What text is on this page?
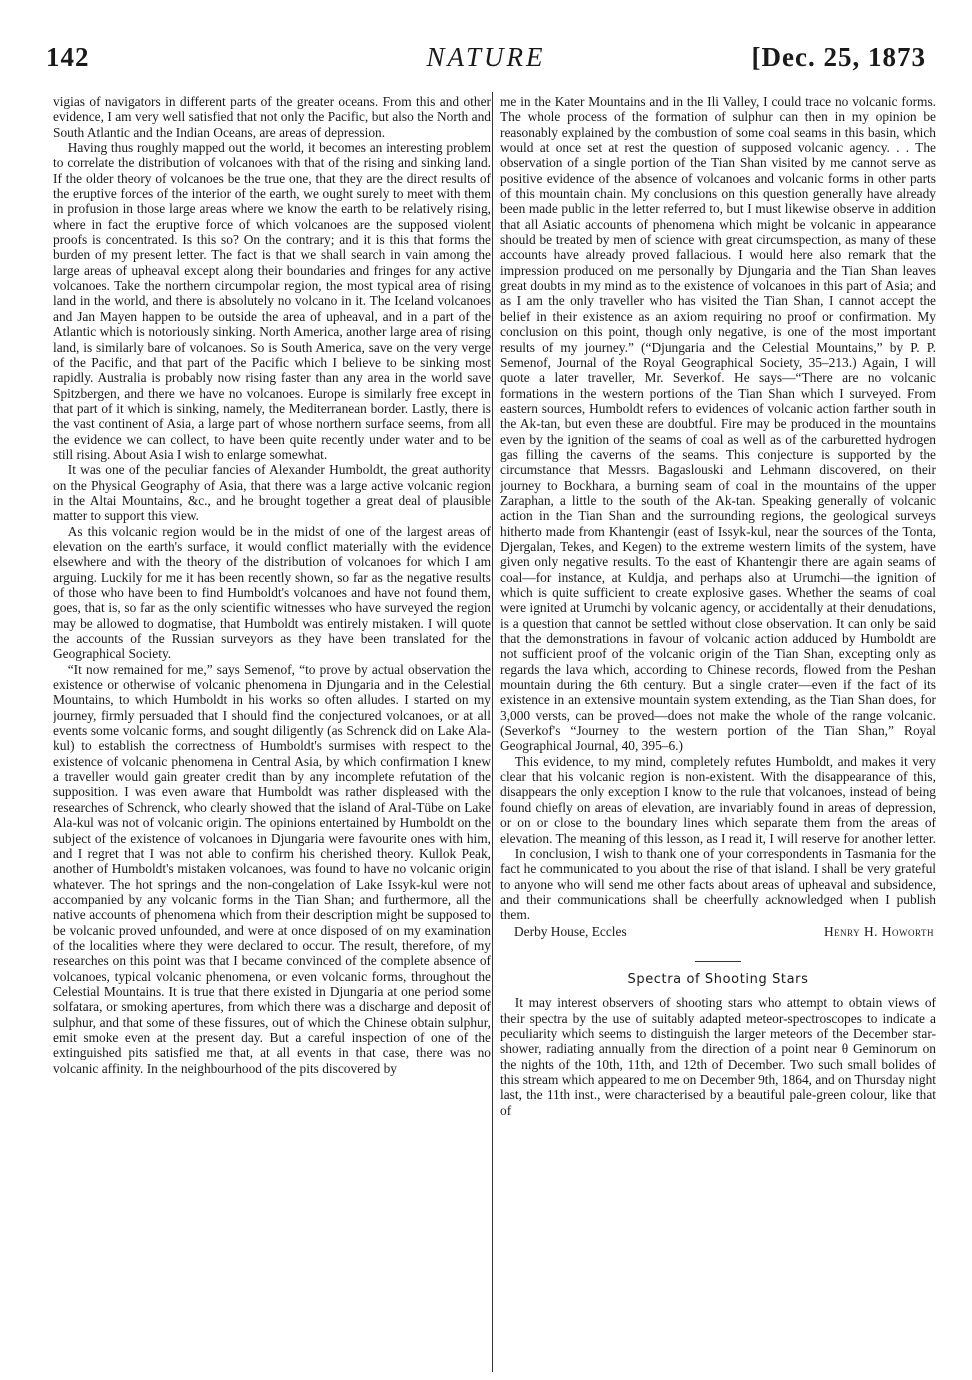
142	NATURE	[Dec. 25, 1873

vigias of navigators in different parts of the greater oceans. From this and other evidence, I am very well satisfied that not only the Pacific, but also the North and South Atlantic and the Indian Oceans, are areas of depression.

Having thus roughly mapped out the world, it becomes an interesting problem to correlate the distribution of volcanoes with that of the rising and sinking land. If the older theory of volcanoes be the true one, that they are the direct results of the eruptive forces of the interior of the earth, we ought surely to meet with them in profusion in those large areas where we know the earth to be relatively rising, where in fact the eruptive force of which volcanoes are the supposed violent proofs is concentrated. Is this so? On the contrary; and it is this that forms the burden of my present letter. The fact is that we shall search in vain among the large areas of upheaval except along their boundaries and fringes for any active volcanoes. Take the northern circumpolar region, the most typical area of rising land in the world, and there is absolutely no volcano in it. The Iceland volcanoes and Jan Mayen happen to be outside the area of upheaval, and in a part of the Atlantic which is notoriously sinking. North America, another large area of rising land, is similarly bare of volcanoes. So is South America, save on the very verge of the Pacific, and that part of the Pacific which I believe to be sinking most rapidly. Australia is probably now rising faster than any area in the world save Spitzbergen, and there we have no volcanoes. Europe is similarly free except in that part of it which is sinking, namely, the Mediterranean border. Lastly, there is the vast continent of Asia, a large part of whose northern surface seems, from all the evidence we can collect, to have been quite recently under water and to be still rising. About Asia I wish to enlarge somewhat.

It was one of the peculiar fancies of Alexander Humboldt, the great authority on the Physical Geography of Asia, that there was a large active volcanic region in the Altai Mountains, &c., and he brought together a great deal of plausible matter to support this view.

As this volcanic region would be in the midst of one of the largest areas of elevation on the earth's surface, it would conflict materially with the evidence elsewhere and with the theory of the distribution of volcanoes for which I am arguing. Luckily for me it has been recently shown, so far as the negative results of those who have been to find Humboldt's volcanoes and have not found them, goes, that is, so far as the only scientific witnesses who have surveyed the region may be allowed to dogmatise, that Humboldt was entirely mistaken. I will quote the accounts of the Russian surveyors as they have been translated for the Geographical Society.

“It now remained for me,” says Semenof, “to prove by actual observation the existence or otherwise of volcanic phenomena in Djungaria and in the Celestial Mountains, to which Humboldt in his works so often alludes. I started on my journey, firmly persuaded that I should find the conjectured volcanoes, or at all events some volcanic forms, and sought diligently (as Schrenck did on Lake Ala-kul) to establish the correctness of Humboldt's surmises with respect to the existence of volcanic phenomena in Central Asia, by which confirmation I knew a traveller would gain greater credit than by any incomplete refutation of the supposition. I was even aware that Humboldt was rather displeased with the researches of Schrenck, who clearly showed that the island of Aral-Tübe on Lake Ala-kul was not of volcanic origin. The opinions entertained by Humboldt on the subject of the existence of volcanoes in Djungaria were favourite ones with him, and I regret that I was not able to confirm his cherished theory. Kullok Peak, another of Humboldt's mistaken volcanoes, was found to have no volcanic origin whatever. The hot springs and the non-congelation of Lake Issyk-kul were not accompanied by any volcanic forms in the Tian Shan; and furthermore, all the native accounts of phenomena which from their description might be supposed to be volcanic proved unfounded, and were at once disposed of on my examination of the localities where they were declared to occur. The result, therefore, of my researches on this point was that I became convinced of the complete absence of volcanoes, typical volcanic phenomena, or even volcanic forms, throughout the Celestial Mountains. It is true that there existed in Djungaria at one period some solfatara, or smoking apertures, from which there was a discharge and deposit of sulphur, and that some of these fissures, out of which the Chinese obtain sulphur, emit smoke even at the present day. But a careful inspection of one of the extinguished pits satisfied me that, at all events in that case, there was no volcanic affinity. In the neighbourhood of the pits discovered by

me in the Kater Mountains and in the Ili Valley, I could trace no volcanic forms. The whole process of the formation of sulphur can then in my opinion be reasonably explained by the combustion of some coal seams in this basin, which would at once set at rest the question of supposed volcanic agency. . . The observation of a single portion of the Tian Shan visited by me cannot serve as positive evidence of the absence of volcanoes and volcanic forms in other parts of this mountain chain. My conclusions on this question generally have already been made public in the letter referred to, but I must likewise observe in addition that all Asiatic accounts of phenomena which might be volcanic in appearance should be treated by men of science with great circumspection, as many of these accounts have already proved fallacious. I would here also remark that the impression produced on me personally by Djungaria and the Tian Shan leaves great doubts in my mind as to the existence of volcanoes in this part of Asia; and as I am the only traveller who has visited the Tian Shan, I cannot accept the belief in their existence as an axiom requiring no proof or confirmation. My conclusion on this point, though only negative, is one of the most important results of my journey.” (“Djungaria and the Celestial Mountains,” by P. P. Semenof, Journal of the Royal Geographical Society, 35–213.) Again, I will quote a later traveller, Mr. Severkof. He says—“There are no volcanic formations in the western portions of the Tian Shan which I surveyed. From eastern sources, Humboldt refers to evidences of volcanic action farther south in the Ak-tan, but even these are doubtful. Fire may be produced in the mountains even by the ignition of the seams of coal as well as of the carburetted hydrogen gas filling the caverns of the seams. This conjecture is supported by the circumstance that Messrs. Bagaslouski and Lehmann discovered, on their journey to Bockhara, a burning seam of coal in the mountains of the upper Zaraphan, a little to the south of the Ak-tan. Speaking generally of volcanic action in the Tian Shan and the surrounding regions, the geological surveys hitherto made from Khantengir (east of Issyk-kul, near the sources of the Tonta, Djergalan, Tekes, and Kegen) to the extreme western limits of the system, have given only negative results. To the east of Khantengir there are again seams of coal—for instance, at Kuldja, and perhaps also at Urumchi—the ignition of which is quite sufficient to create explosive gases. Whether the seams of coal were ignited at Urumchi by volcanic agency, or accidentally at their denudations, is a question that cannot be settled without close observation. It can only be said that the demonstrations in favour of volcanic action adduced by Humboldt are not sufficient proof of the volcanic origin of the Tian Shan, excepting only as regards the lava which, according to Chinese records, flowed from the Peshan mountain during the 6th century. But a single crater—even if the fact of its existence in an extensive mountain system extending, as the Tian Shan does, for 3,000 versts, can be proved—does not make the whole of the range volcanic. (Severkof's “Journey to the western portion of the Tian Shan,” Royal Geographical Journal, 40, 395–6.)

This evidence, to my mind, completely refutes Humboldt, and makes it very clear that his volcanic region is non-existent. With the disappearance of this, disappears the only exception I know to the rule that volcanoes, instead of being found chiefly on areas of elevation, are invariably found in areas of depression, or on or close to the boundary lines which separate them from the areas of elevation. The meaning of this lesson, as I read it, I will reserve for another letter.

In conclusion, I wish to thank one of your correspondents in Tasmania for the fact he communicated to you about the rise of that island. I shall be very grateful to anyone who will send me other facts about areas of upheaval and subsidence, and their communications shall be cheerfully acknowledged when I publish them.

Derby House, Eccles	Henry H. Howorth
Spectra of Shooting Stars

It may interest observers of shooting stars who attempt to obtain views of their spectra by the use of suitably adapted meteor-spectroscopes to indicate a peculiarity which seems to distinguish the larger meteors of the December star-shower, radiating annually from the direction of a point near θ Geminorum on the nights of the 10th, 11th, and 12th of December. Two such small bolides of this stream which appeared to me on December 9th, 1864, and on Thursday night last, the 11th inst., were characterised by a beautiful pale-green colour, like that of
